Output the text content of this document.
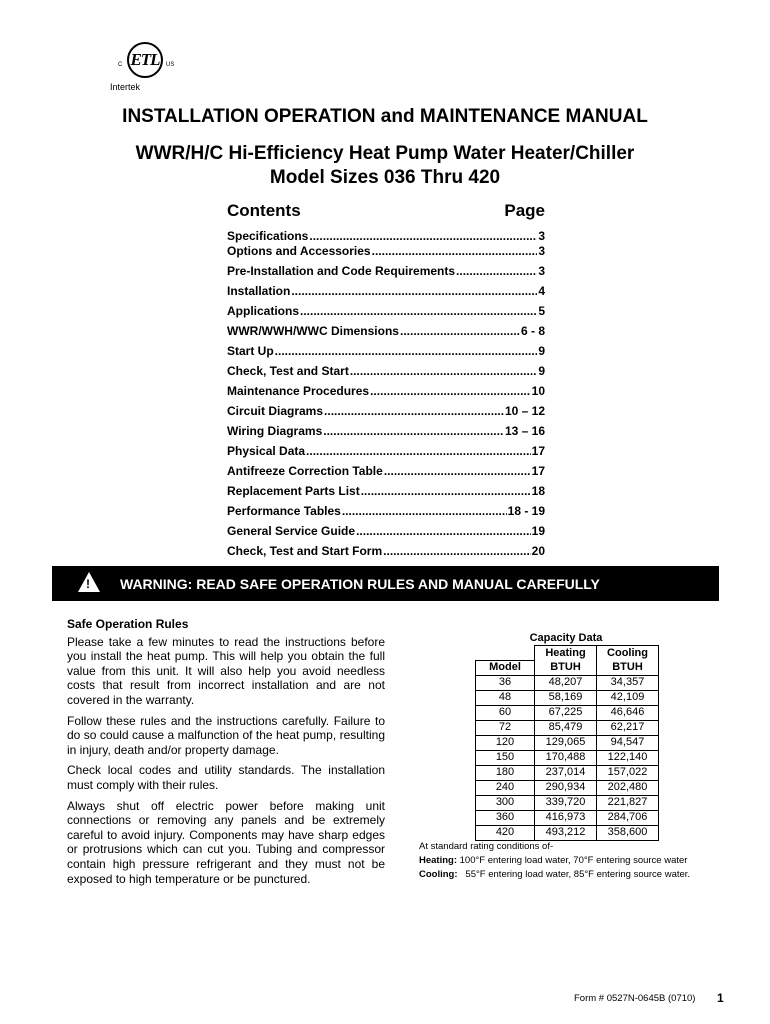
C ETL	US
Intertek
INSTALLATION OPERATION and MAINTENANCE MANUAL
WWR/H/C Hi-Efficiency Heat Pump Water Heater/Chiller
Model Sizes 036 Thru 420
Contents	Page
Specifications .....	3
Options and Accessories .....	3
Pre-Installation and Code Requirements .....	3
Installation .....	4
Applications .....	5
WWR/WWH/WWC Dimensions .....	6 - 8
Start Up .....	9
Check, Test and Start .....	9
Maintenance Procedures .....	10
Circuit Diagrams .....	10 – 12
Wiring Diagrams .....	13 – 16
Physical Data .....	17
Antifreeze Correction Table .....	17
Replacement Parts List .....	18
Performance Tables .....	18 - 19
General Service Guide .....	19
Check, Test and Start Form .....	20
! WARNING: READ SAFE OPERATION RULES AND MANUAL CAREFULLY
Safe Operation Rules

Please take a few minutes to read the instructions before you install the heat pump. This will help you obtain the full value from this unit. It will also help you avoid needless costs that result from incorrect installation and are not covered in the warranty.

Follow these rules and the instructions carefully. Failure to do so could cause a malfunction of the heat pump, resulting in injury, death and/or property damage.

Check local codes and utility standards. The installation must comply with their rules.

Always shut off electric power before making unit connections or removing any panels and be extremely careful to avoid injury. Components may have sharp edges or protrusions which can cut you. Tubing and compressor contain high pressure refrigerant and they must not be exposed to high temperature or be punctured.

Capacity Data
	Heating	Cooling
Model	BTUH	BTUH
36	48,207	34,357
48	58,169	42,109
60	67,225	46,646
72	85,479	62,217
120	129,065	94,547
150	170,488	122,140
180	237,014	157,022
240	290,934	202,480
300	339,720	221,827
360	416,973	284,706
420	493,212	358,600
At standard rating conditions of-
Heating: 100°F entering load water, 70°F entering source water
Cooling:   55°F entering load water, 85°F entering source water.
Form # 0527N-0645B (0710) 1
